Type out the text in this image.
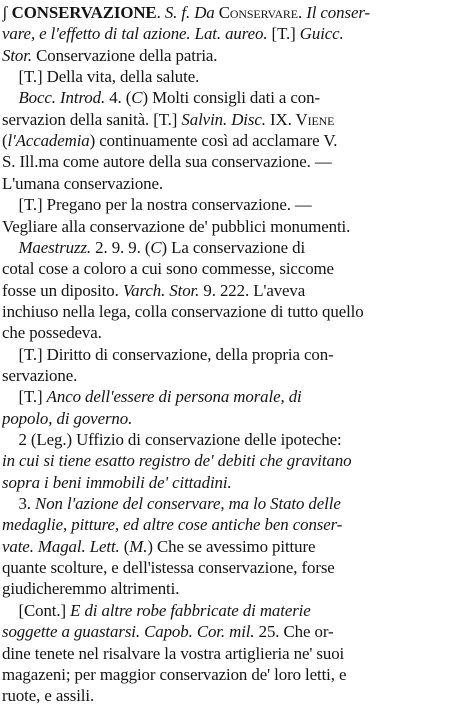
ʃ CONSERVAZIONE. S. f. Da Conservare. Il conser-
vare, e l'effetto di tal azione. Lat. aureo. [T.] Guicc.
Stor. Conservazione della patria.
[T.] Della vita, della salute.
Bocc. Introd. 4. (C) Molti consigli dati a con-
servazion della sanità. [T.] Salvin. Disc. IX. Viene
(l'Accademia) continuamente così ad acclamare V.
S. Ill.ma come autore della sua conservazione. —
L'umana conservazione.
[T.] Pregano per la nostra conservazione. —
Vegliare alla conservazione de' pubblici monumenti.
Maestruzz. 2. 9. 9. (C) La conservazione di
cotal cose a coloro a cui sono commesse, siccome
fosse un diposito. Varch. Stor. 9. 222. L'aveva
inchiuso nella lega, colla conservazione di tutto quello
che possedeva.
[T.] Diritto di conservazione, della propria con-
servazione.
[T.] Anco dell'essere di persona morale, di
popolo, di governo.
2 (Leg.) Uffizio di conservazione delle ipoteche:
in cui si tiene esatto registro de' debiti che gravitano
sopra i beni immobili de' cittadini.
3. Non l'azione del conservare, ma lo Stato delle
medaglie, pitture, ed altre cose antiche ben conser-
vate. Magal. Lett. (M.) Che se avessimo pitture
quante scolture, e dell'istessa conservazione, forse
giudicheremmo altrimenti.
[Cont.] E di altre robe fabbricate di materie
soggette a guastarsi. Capob. Cor. mil. 25. Che or-
dine tenete nel risalvare la vostra artiglieria ne' suoi
magazeni; per maggior conservazion de' loro letti, e
ruote, e assili.
